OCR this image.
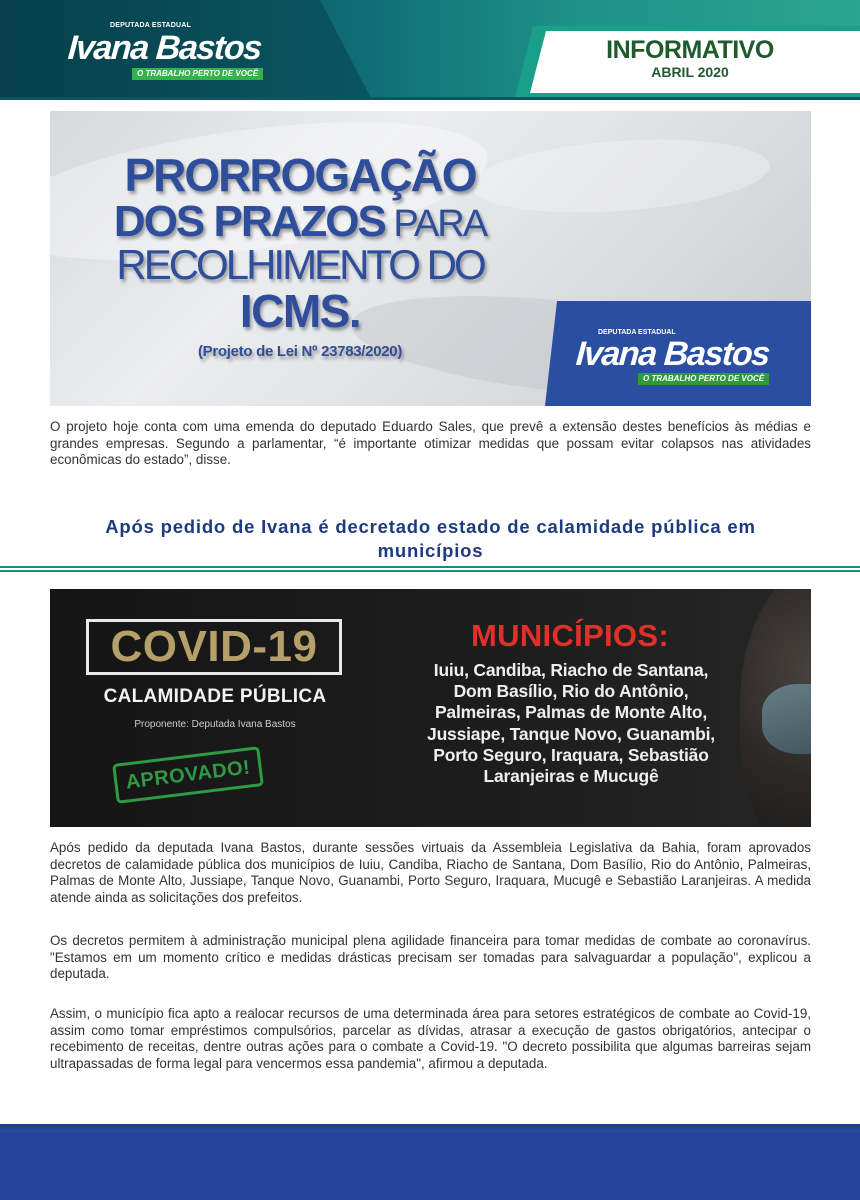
DEPUTADA ESTADUAL
Ivana Bastos
O TRABALHO PERTO DE VOCÊ
INFORMATIVO
ABRIL 2020
PRORROGAÇÃO
DOS PRAZOS PARA
RECOLHIMENTO DO
ICMS.
(Projeto de Lei Nº 23783/2020)
DEPUTADA ESTADUAL
Ivana Bastos
O TRABALHO PERTO DE VOCÊ

O projeto hoje conta com uma emenda do deputado Eduardo Sales, que prevê a extensão destes benefícios às médias e grandes empresas. Segundo a parlamentar, “é importante otimizar medidas que possam evitar colapsos nas atividades econômicas do estado”, disse.

Após pedido de Ivana é decretado estado de calamidade pública em municípios
COVID-19
CALAMIDADE PÚBLICA
Proponente: Deputada Ivana Bastos
APROVADO!
MUNICÍPIOS:
Iuiu, Candiba, Riacho de Santana, Dom Basílio, Rio do Antônio, Palmeiras, Palmas de Monte Alto, Jussiape, Tanque Novo, Guanambi, Porto Seguro, Iraquara, Sebastião Laranjeiras e Mucugê

Após pedido da deputada Ivana Bastos, durante sessões virtuais da Assembleia Legislativa da Bahia, foram aprovados decretos de calamidade pública dos municípios de Iuiu, Candiba, Riacho de Santana, Dom Basílio, Rio do Antônio, Palmeiras, Palmas de Monte Alto, Jussiape, Tanque Novo, Guanambi, Porto Seguro, Iraquara, Mucugê e Sebastião Laranjeiras. A medida atende ainda as solicitações dos prefeitos.

Os decretos permitem à administração municipal plena agilidade financeira para tomar medidas de combate ao coronavírus. "Estamos em um momento crítico e medidas drásticas precisam ser tomadas para salvaguardar a população", explicou a deputada.

Assim, o município fica apto a realocar recursos de uma determinada área para setores estratégicos de combate ao Covid-19, assim como tomar empréstimos compulsórios, parcelar as dívidas, atrasar a execução de gastos obrigatórios, antecipar o recebimento de receitas, dentre outras ações para o combate a Covid-19. "O decreto possibilita que algumas barreiras sejam ultrapassadas de forma legal para vencermos essa pandemia", afirmou a deputada.
